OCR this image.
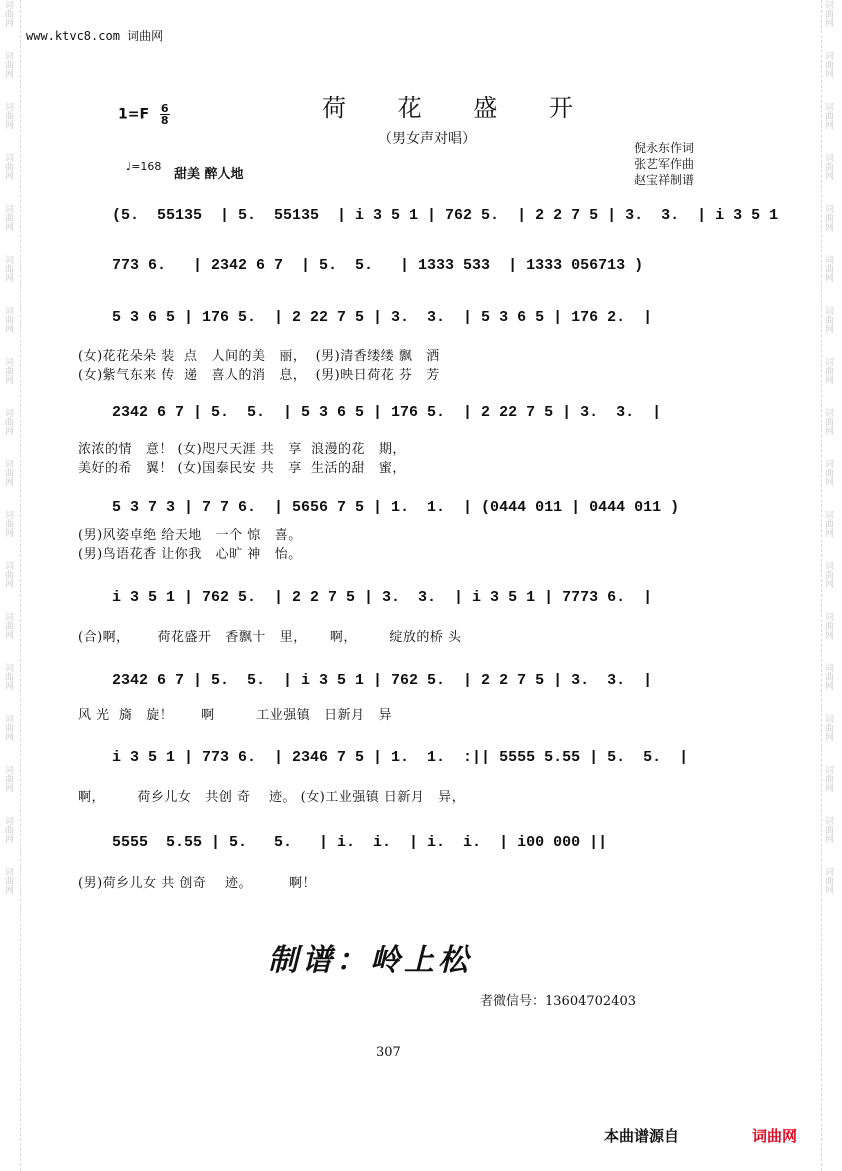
词曲网
词曲网
词曲网
词曲网
词曲网
词曲网
词曲网
词曲网
词曲网
词曲网
词曲网
词曲网
词曲网
词曲网
词曲网
词曲网
词曲网
词曲网
词曲网
词曲网
词曲网
词曲网
词曲网
词曲网
词曲网
词曲网
词曲网
词曲网
词曲网
词曲网
词曲网
词曲网
词曲网
词曲网
词曲网
词曲网
www.ktvc8.com 词曲网
$1=F \frac{6}{8}$	荷 花 盛 开
（男女声对唱）
倪永东作词
张艺军作曲
赵宝祥制谱
♩=168
甜美 醉人地
(5.  55135  | 5.  55135  | i 3 5 1 | 762 5.  | 2 2 7 5 | 3.  3.  | i 3 5 1
773 6.   | 2342 6 7  | 5.  5.   | 1333 533  | 1333 056713 )
5 3 6 5 | 176 5.  | 2 22 7 5 | 3.  3.  | 5 3 6 5 | 176 2.  |
(女)花花朵朵 装  点   人间的美   丽，  (男)清香缕缕 飘   洒
(女)紫气东来 传  递   喜人的消   息，  (男)映日荷花 芬   芳
2342 6 7 | 5.  5.  | 5 3 6 5 | 176 5.  | 2 22 7 5 | 3.  3.  |
浓浓的情   意！ (女)咫尺天涯 共   享  浪漫的花   期，
美好的希   翼！ (女)国泰民安 共   享  生活的甜   蜜，
5 3 7 3 | 7 7 6.  | 5656 7 5 | 1.  1.  | (0444 011 | 0444 011 )
(男)风姿卓绝 给天地   一个 惊   喜。
(男)鸟语花香 让你我   心旷 神   怡。
i 3 5 1 | 762 5.  | 2 2 7 5 | 3.  3.  | i 3 5 1 | 7773 6.  |
(合)啊，      荷花盛开   香飘十   里，     啊，       绽放的桥 头
2342 6 7 | 5.  5.  | i 3 5 1 | 762 5.  | 2 2 7 5 | 3.  3.  |
风 光  旖   旋！      啊         工业强镇   日新月   异
i 3 5 1 | 773 6.  | 2346 7 5 | 1.  1.  :|| 5555 5.55 | 5.  5.  |
啊，       荷乡儿女   共创 奇    迹。 (女)工业强镇 日新月   异，
5555  5.55 | 5.   5.   | i.  i.  | i.  i.  | i00 000 ||
(男)荷乡儿女 共 创奇    迹。        啊！
制谱：岭上松
者微信号：13604702403
307
本曲谱源自	词曲网
